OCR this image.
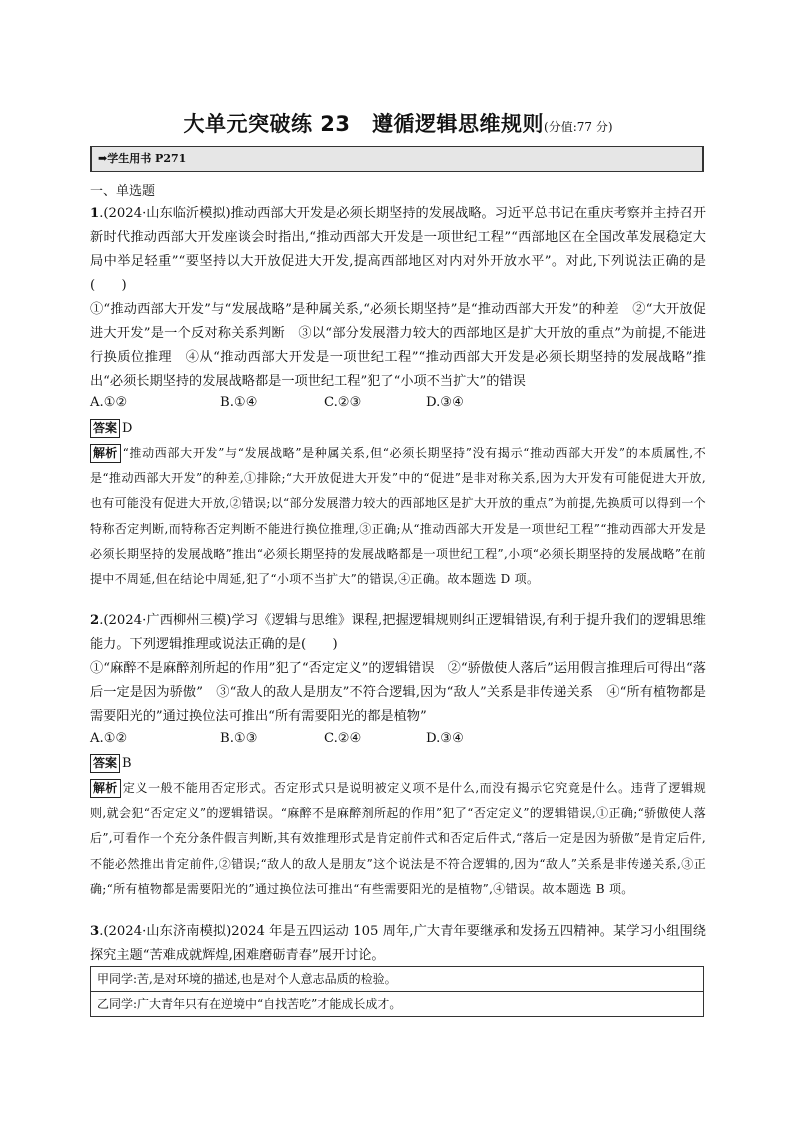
大单元突破练 23　遵循逻辑思维规则(分值:77 分)
➡学生用书 P271
一、单选题
1.(2024·山东临沂模拟)推动西部大开发是必须长期坚持的发展战略。习近平总书记在重庆考察并主持召开新时代推动西部大开发座谈会时指出,“推动西部大开发是一项世纪工程”“西部地区在全国改革发展稳定大局中举足轻重”“要坚持以大开放促进大开发,提高西部地区对内对外开放水平”。对此,下列说法正确的是(　　)
①“推动西部大开发”与“发展战略”是种属关系,“必须长期坚持”是“推动西部大开发”的种差　②“大开放促进大开发”是一个反对称关系判断　③以“部分发展潜力较大的西部地区是扩大开放的重点”为前提,不能进行换质位推理　④从“推动西部大开发是一项世纪工程”“推动西部大开发是必须长期坚持的发展战略”推出“必须长期坚持的发展战略都是一项世纪工程”犯了“小项不当扩大”的错误
A.①②	B.①④	C.②③	D.③④
答案 D
解析 “推动西部大开发”与“发展战略”是种属关系,但“必须长期坚持”没有揭示“推动西部大开发”的本质属性,不是“推动西部大开发”的种差,①排除;“大开放促进大开发”中的“促进”是非对称关系,因为大开发有可能促进大开放,也有可能没有促进大开放,②错误;以“部分发展潜力较大的西部地区是扩大开放的重点”为前提,先换质可以得到一个特称否定判断,而特称否定判断不能进行换位推理,③正确;从“推动西部大开发是一项世纪工程”“推动西部大开发是必须长期坚持的发展战略”推出“必须长期坚持的发展战略都是一项世纪工程”,小项“必须长期坚持的发展战略”在前提中不周延,但在结论中周延,犯了“小项不当扩大”的错误,④正确。故本题选 D 项。
2.(2024·广西柳州三模)学习《逻辑与思维》课程,把握逻辑规则纠正逻辑错误,有利于提升我们的逻辑思维能力。下列逻辑推理或说法正确的是(　　)
①“麻醉不是麻醉剂所起的作用”犯了“否定定义”的逻辑错误　②“骄傲使人落后”运用假言推理后可得出“落后一定是因为骄傲”　③“敌人的敌人是朋友”不符合逻辑,因为“敌人”关系是非传递关系　④“所有植物都是需要阳光的”通过换位法可推出“所有需要阳光的都是植物”
A.①②	B.①③	C.②④	D.③④
答案 B
解析 定义一般不能用否定形式。否定形式只是说明被定义项不是什么,而没有揭示它究竟是什么。违背了逻辑规则,就会犯“否定定义”的逻辑错误。“麻醉不是麻醉剂所起的作用”犯了“否定定义”的逻辑错误,①正确;“骄傲使人落后”,可看作一个充分条件假言判断,其有效推理形式是肯定前件式和否定后件式,“落后一定是因为骄傲”是肯定后件,不能必然推出肯定前件,②错误;“敌人的敌人是朋友”这个说法是不符合逻辑的,因为“敌人”关系是非传递关系,③正确;“所有植物都是需要阳光的”通过换位法可推出“有些需要阳光的是植物”,④错误。故本题选 B 项。
3.(2024·山东济南模拟)2024 年是五四运动 105 周年,广大青年要继承和发扬五四精神。某学习小组围绕探究主题“苦难成就辉煌,困难磨砺青春”展开讨论。
甲同学:苦,是对环境的描述,也是对个人意志品质的检验。
乙同学:广大青年只有在逆境中“自找苦吃”才能成长成才。
